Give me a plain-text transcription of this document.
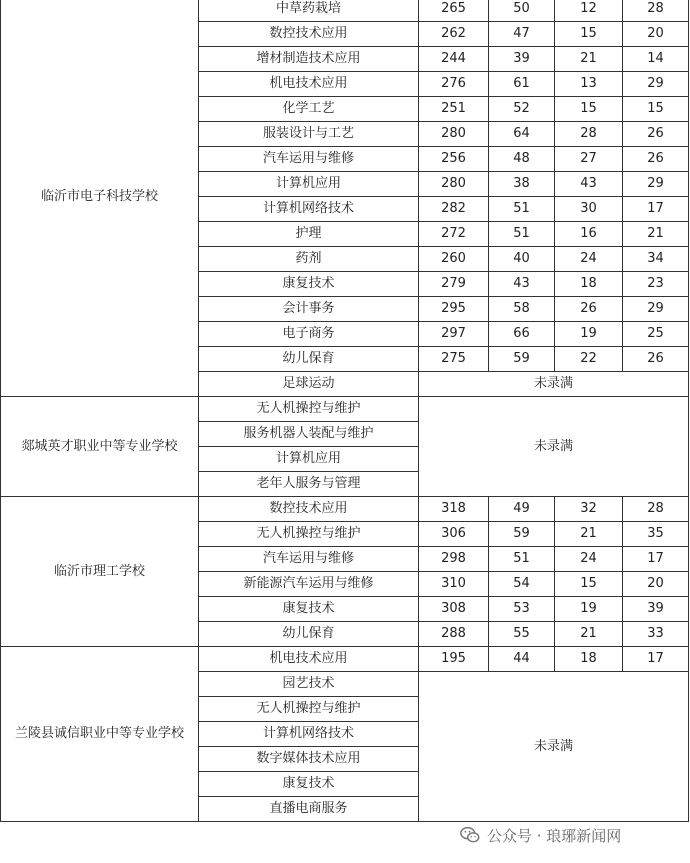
临沂市电子科技学校	中草药栽培	265	50	12	28
	数控技术应用	262	47	15	20
	增材制造技术应用	244	39	21	14
	机电技术应用	276	61	13	29
	化学工艺	251	52	15	15
	服装设计与工艺	280	64	28	26
	汽车运用与维修	256	48	27	26
	计算机应用	280	38	43	29
	计算机网络技术	282	51	30	17
	护理	272	51	16	21
	药剂	260	40	24	34
	康复技术	279	43	18	23
	会计事务	295	58	26	29
	电子商务	297	66	19	25
	幼儿保育	275	59	22	26
	足球运动	未录满			
郯城英才职业中等专业学校	无人机操控与维护	未录满			
	服务机器人装配与维护				
	计算机应用				
	老年人服务与管理				
临沂市理工学校	数控技术应用	318	49	32	28
	无人机操控与维护	306	59	21	35
	汽车运用与维修	298	51	24	17
	新能源汽车运用与维修	310	54	15	20
	康复技术	308	53	19	39
	幼儿保育	288	55	21	33
兰陵县诚信职业中等专业学校	机电技术应用	195	44	18	17
	园艺技术	未录满			
	无人机操控与维护				
	计算机网络技术				
	数字媒体技术应用				
	康复技术				
	直播电商服务				
公众号 · 琅琊新闻网
